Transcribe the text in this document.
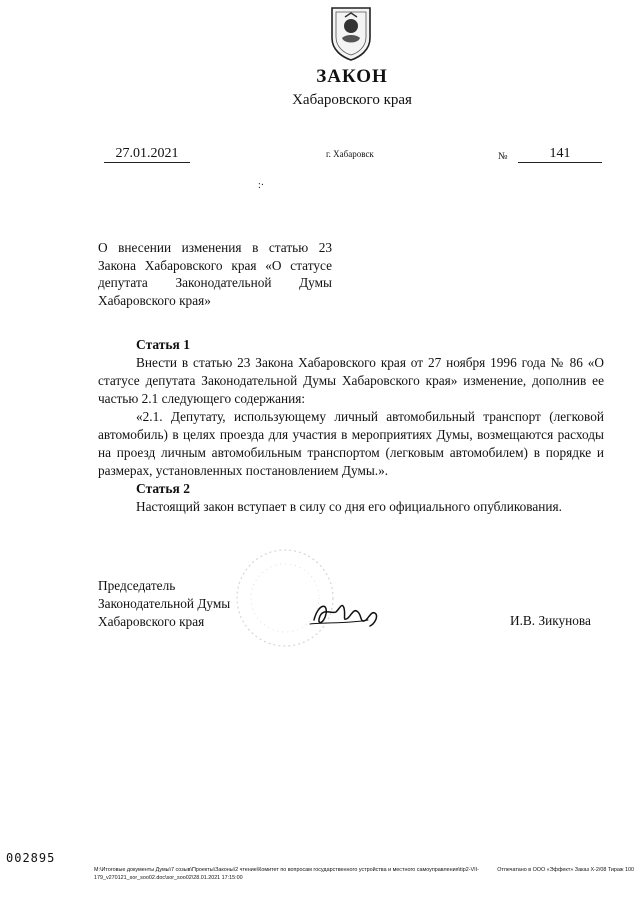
ЗАКОН
Хабаровского края
27.01.2021	г. Хабаровск	№	141
:·
О внесении изменения в статью 23
Закона Хабаровского края «О статусе
депутата Законодательной Думы
Хабаровского края»
Статья 1

Внести в статью 23 Закона Хабаровского края от 27 ноября 1996 года № 86 «О статусе депутата Законодательной Думы Хабаровского края» изменение, дополнив ее частью 2.1 следующего содержания:

«2.1. Депутату, использующему личный автомобильный транспорт (легковой автомобиль) в целях проезда для участия в мероприятиях Думы, возмещаются расходы на проезд личным автомобильным транспортом (легковым автомобилем) в порядке и размерах, установленных постановлением Думы.».

Статья 2
Настоящий закон вступает в силу со дня его официального опубликования.
Председатель
Законодательной Думы
Хабаровского края	И.В. Зикунова
002895
M:\Итоговые документы Думы\7 созыв\Проекты\Законы\2 чтение\Комитет по вопросам государственного устройства и местного самоуправления\tip2-VII-
179_v270121_sor_soo02.doc\sor_soo02\28.01.2021 17:15:00
Отпечатано в ООО «Эффект» Заказ Х-2/08 Тираж 100
